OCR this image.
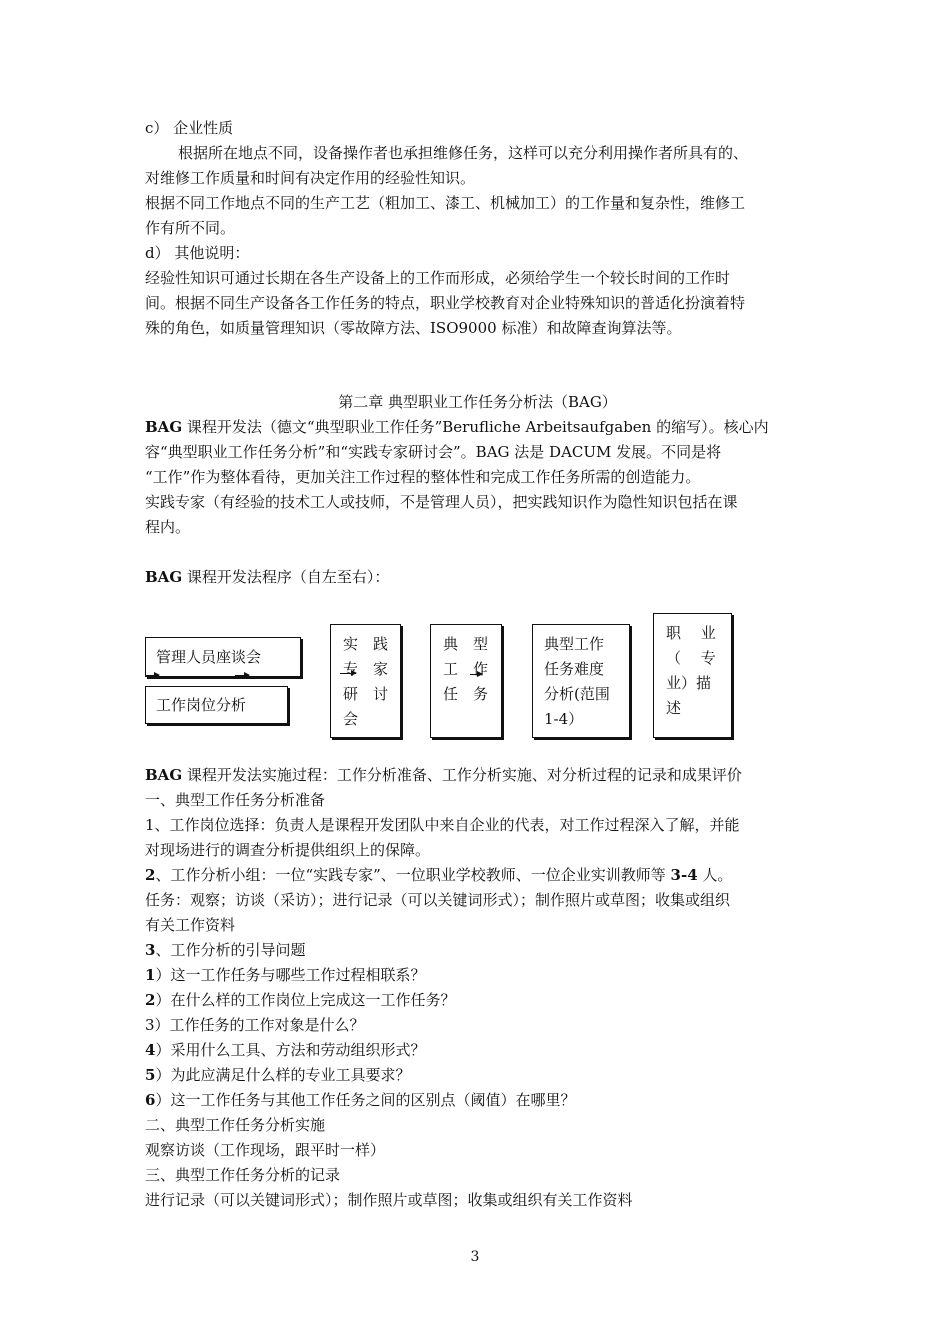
c） 企业性质
根据所在地点不同，设备操作者也承担维修任务，这样可以充分利用操作者所具有的、
对维修工作质量和时间有决定作用的经验性知识。
根据不同工作地点不同的生产工艺（粗加工、漆工、机械加工）的工作量和复杂性，维修工
作有所不同。
d） 其他说明：
经验性知识可通过长期在各生产设备上的工作而形成，必须给学生一个较长时间的工作时
间。根据不同生产设备各工作任务的特点，职业学校教育对企业特殊知识的普适化扮演着特
殊的角色，如质量管理知识（零故障方法、ISO9000 标准）和故障查询算法等。
第二章 典型职业工作任务分析法（BAG）
BAG 课程开发法（德文“典型职业工作任务”Berufliche Arbeitsaufgaben 的缩写）。核心内
容“典型职业工作任务分析”和“实践专家研讨会”。BAG 法是 DACUM 发展。不同是将
“工作”作为整体看待，更加关注工作过程的整体性和完成工作任务所需的创造能力。
实践专家（有经验的技术工人或技师，不是管理人员），把实践知识作为隐性知识包括在课
程内。
BAG 课程开发法程序（自左至右）：
管理人员座谈会
工作岗位分析
实　践
专　家
研　讨
会
典　型
工　作
任　务
典型工作
任务难度
分析(范围
1-4）
职　 业
（　 专
业）描
述
BAG 课程开发法实施过程：工作分析准备、工作分析实施、对分析过程的记录和成果评价
一、典型工作任务分析准备
1、工作岗位选择：负责人是课程开发团队中来自企业的代表，对工作过程深入了解，并能
对现场进行的调查分析提供组织上的保障。
2、工作分析小组：一位“实践专家”、一位职业学校教师、一位企业实训教师等 3-4 人。
任务：观察；访谈（采访）；进行记录（可以关键词形式）；制作照片或草图；收集或组织
有关工作资料
3、工作分析的引导问题
1）这一工作任务与哪些工作过程相联系？
2）在什么样的工作岗位上完成这一工作任务？
3）工作任务的工作对象是什么？
4）采用什么工具、方法和劳动组织形式？
5）为此应满足什么样的专业工具要求？
6）这一工作任务与其他工作任务之间的区别点（阈值）在哪里？
二、典型工作任务分析实施
观察访谈（工作现场，跟平时一样）
三、典型工作任务分析的记录
进行记录（可以关键词形式）；制作照片或草图；收集或组织有关工作资料
3
